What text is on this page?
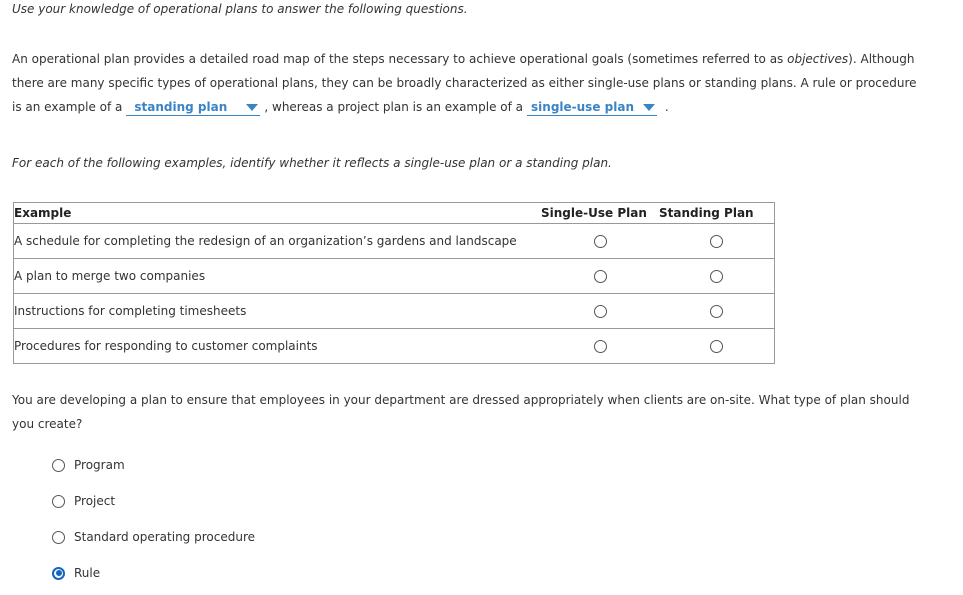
Use your knowledge of operational plans to answer the following questions.

An operational plan provides a detailed road map of the steps necessary to achieve operational goals (sometimes referred to as objectives). Although

there are many specific types of operational plans, they can be broadly characterized as either single-use plans or standing plans. A rule or procedure

is an example of a standing plan	, whereas a project plan is an example of a single-use plan	.

For each of the following examples, identify whether it reflects a single-use plan or a standing plan.
Example	Single-Use Plan	Standing Plan
A schedule for completing the redesign of an organization’s gardens and landscape		
A plan to merge two companies		
Instructions for completing timesheets		
Procedures for responding to customer complaints		

You are developing a plan to ensure that employees in your department are dressed appropriately when clients are on-site. What type of plan should

you create?

Program
Project
Standard operating procedure
Rule
